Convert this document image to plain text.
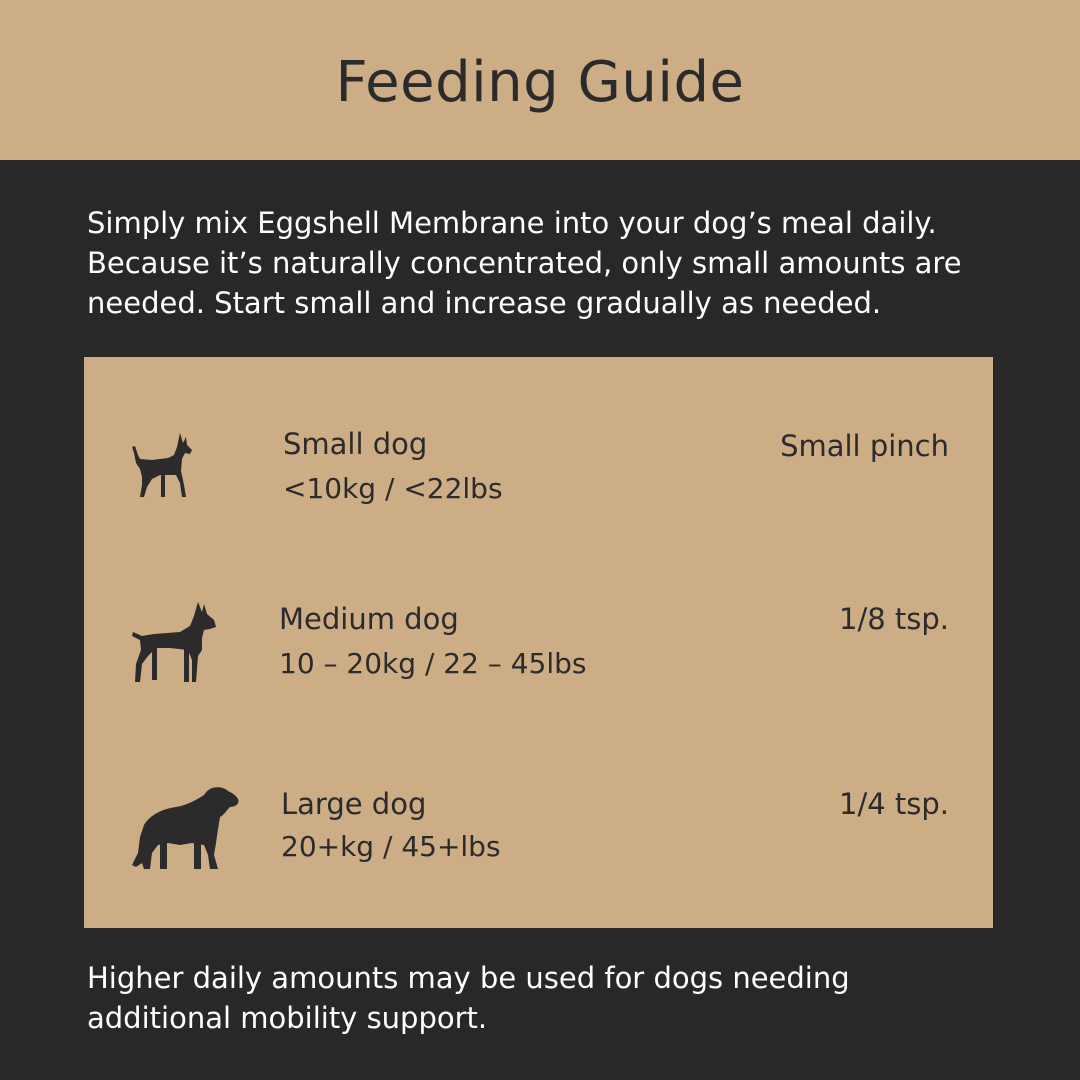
Feeding Guide

Simply mix Eggshell Membrane into your dog’s meal daily. Because it’s naturally concentrated, only small amounts are needed. Start small and increase gradually as needed.

Small dog
<10kg / <22lbs
Small pinch
Medium dog
10 – 20kg / 22 – 45lbs
1/8 tsp.
Large dog
20+kg / 45+lbs
1/4 tsp.

Higher daily amounts may be used for dogs needing additional mobility support.
